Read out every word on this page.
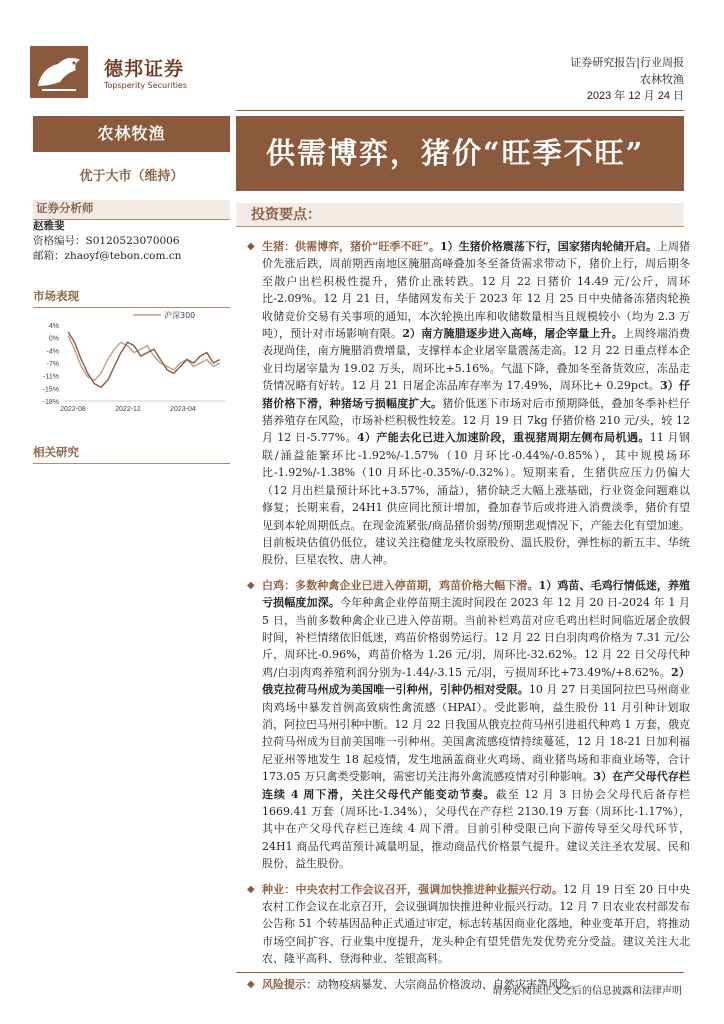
德邦证券
Topsperity Securities
证券研究报告|行业周报
农林牧渔
2023 年 12 月 24 日
农林牧渔
优于大市（维持）
供需博弈，猪价“旺季不旺”
证券分析师
赵雅斐
资格编号：S0120523070006
邮箱：zhaoyf@tebon.com.cn
市场表现
4%
0%
-4%
-7%
-11%
-15%
-18%
2022-08	2022-12	2023-04
沪深300
相关研究
投资要点：
◆ 生猪：供需博弈，猪价“旺季不旺”。1）生猪价格震荡下行，国家猪肉轮储开启。上周猪价先涨后跌，周前期西南地区腌腊高峰叠加冬至备货需求带动下，猪价上行，周后期冬至散户出栏积极性提升，猪价止涨转跌。12 月 22 日猪价 14.49 元/公斤，周环比-2.09%。12 月 21 日，华储网发布关于 2023 年 12 月 25 日中央储备冻猪肉轮换收储竞价交易有关事项的通知，本次轮换出库和收储数量相当且规模较小（均为 2.3 万吨），预计对市场影响有限。2）南方腌腊逐步进入高峰，屠企宰量上升。上周终端消费表现尚佳，南方腌腊消费增量，支撑样本企业屠宰量震荡走高。12 月 22 日重点样本企业日均屠宰量为 19.02 万头，周环比+5.16%。气温下降，叠加冬至备货效应，冻品走货情况略有好转。12 月 21 日屠企冻品库存率为 17.49%，周环比+ 0.29pct。3）仔猪价格下滑，种猪场亏损幅度扩大。猪价低迷下市场对后市预期降低，叠加冬季补栏仔猪养殖存在风险，市场补栏积极性较差。12 月 19 日 7kg 仔猪价格 210 元/头，较 12 月 12 日-5.77%。4）产能去化已进入加速阶段，重视猪周期左侧布局机遇。11 月钢联/涌益能繁环比-1.92%/-1.57%（10 月环比-0.44%/-0.85%），其中规模场环比-1.92%/-1.38%（10 月环比-0.35%/-0.32%）。短期来看，生猪供应压力仍偏大（12 月出栏量预计环比+3.57%，涌益），猪价缺乏大幅上涨基础，行业资金问题难以修复；长期来看，24H1 供应同比预计增加，叠加春节后或将进入消费淡季，猪价有望见到本轮周期低点。在现金流紧张/商品猪价弱势/预期悲观情况下，产能去化有望加速。目前板块估值仍低位，建议关注稳健龙头牧原股份、温氏股份，弹性标的新五丰、华统股份、巨星农牧、唐人神。
◆ 白鸡：多数种禽企业已进入停苗期，鸡苗价格大幅下滑。1）鸡苗、毛鸡行情低迷，养殖亏损幅度加深。今年种禽企业停苗期主流时间段在 2023 年 12 月 20 日-2024 年 1 月 5 日，当前多数种禽企业已进入停苗期。当前补栏鸡苗对应毛鸡出栏时间临近屠企放假时间，补栏情绪依旧低迷，鸡苗价格弱势运行。12 月 22 日白羽肉鸡价格为 7.31 元/公斤，周环比-0.96%，鸡苗价格为 1.26 元/羽，周环比-32.62%。12 月 22 日父母代种鸡/白羽肉鸡养殖利润分别为-1.44/-3.15 元/羽，亏损周环比+73.49%/+8.62%。2）俄克拉荷马州成为美国唯一引种州，引种仍相对受限。10 月 27 日美国阿拉巴马州商业肉鸡场中暴发首例高致病性禽流感（HPAI）。受此影响，益生股份 11 月引种计划取消，阿拉巴马州引种中断。12 月 22 日我国从俄克拉荷马州引进祖代种鸡 1 万套，俄克拉荷马州成为目前美国唯一引种州。美国禽流感疫情持续蔓延，12 月 18-21 日加利福尼亚州等地发生 18 起疫情，发生地涵盖商业火鸡场、商业猪鸟场和非商业场等，合计 173.05 万只禽类受影响，需密切关注海外禽流感疫情对引种影响。3）在产父母代存栏连续 4 周下滑，关注父母代产能变动节奏。截至 12 月 3 日协会父母代后备存栏 1669.41 万套（周环比-1.34%），父母代在产存栏 2130.19 万套（周环比-1.17%），其中在产父母代存栏已连续 4 周下滑。目前引种受限已向下游传导至父母代环节，24H1 商品代鸡苗预计减量明显，推动商品代价格景气提升。建议关注圣农发展、民和股份、益生股份。
◆ 种业：中央农村工作会议召开，强调加快推进种业振兴行动。12 月 19 日至 20 日中央农村工作会议在北京召开，会议强调加快推进种业振兴行动。12 月 7 日农业农村部发布公告称 51 个转基因品种正式通过审定，标志转基因商业化落地，种业变革开启，将推动市场空间扩容、行业集中度提升，龙头种企有望凭借先发优势充分受益。建议关注大北农、隆平高科、登海种业、荃银高科。
◆ 风险提示：动物疫病暴发、大宗商品价格波动、自然灾害等风险。
请务必阅读正文之后的信息披露和法律声明
